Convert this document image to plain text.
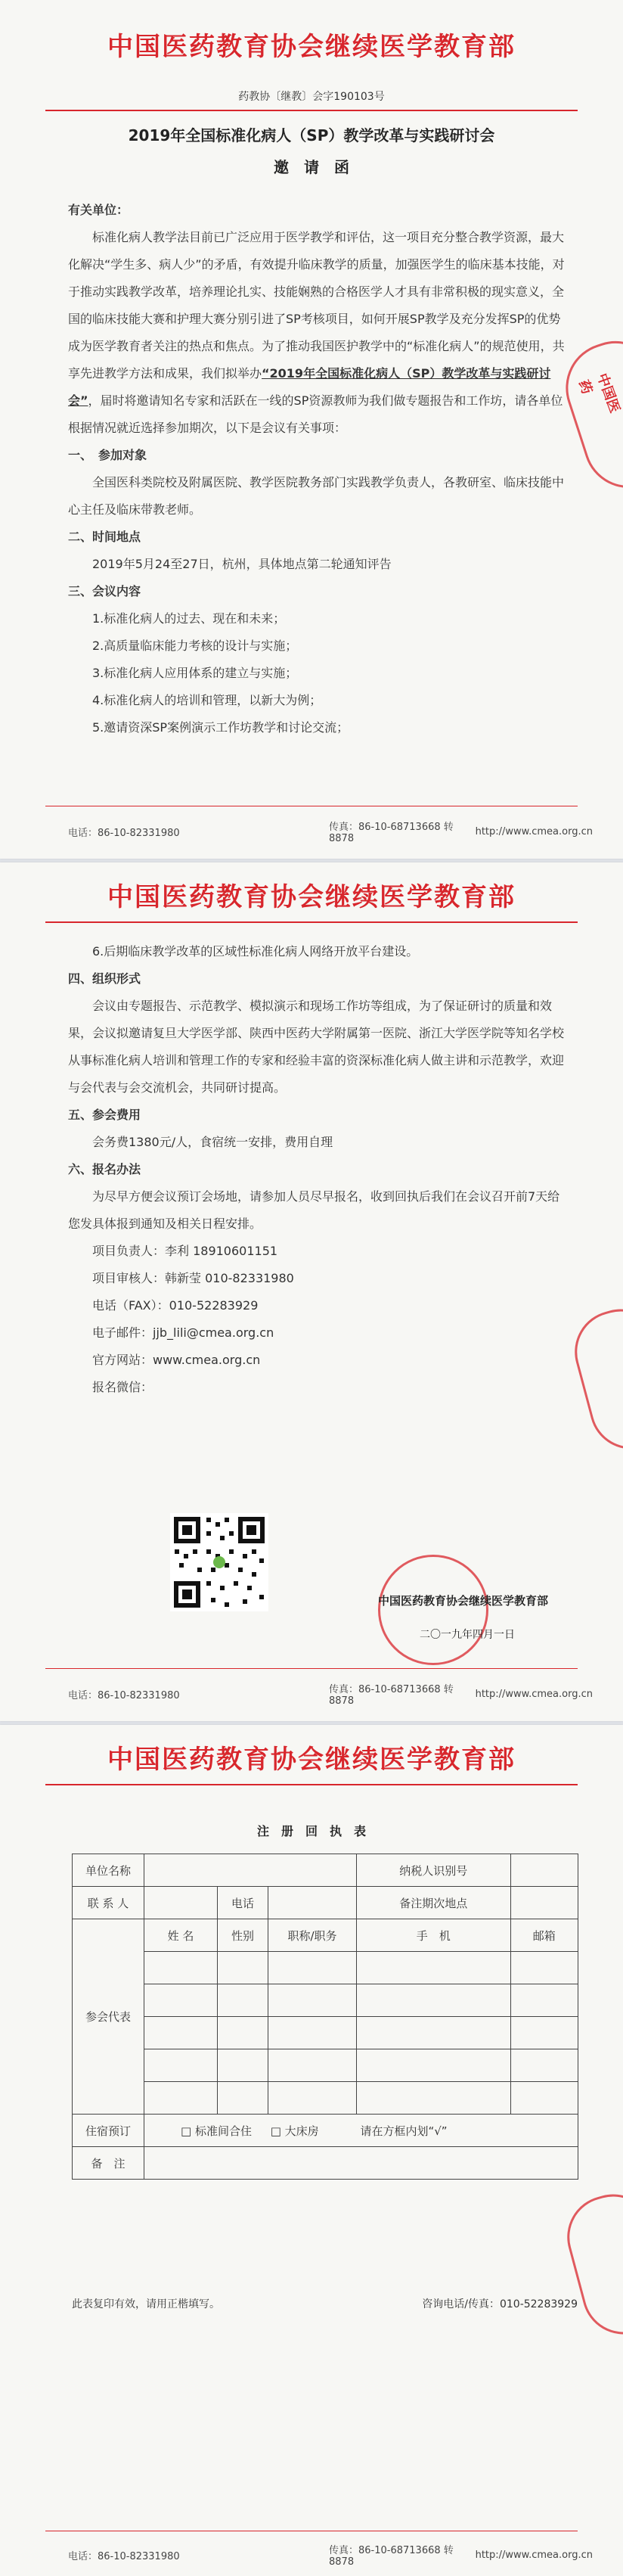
中国医药教育协会继续医学教育部
药教协〔继教〕会字190103号
2019年全国标准化病人（SP）教学改革与实践研讨会
邀　请　函

有关单位：

标准化病人教学法目前已广泛应用于医学教学和评估，这一项目充分整合教学资源，最大化解决“学生多、病人少”的矛盾，有效提升临床教学的质量，加强医学生的临床基本技能，对于推动实践教学改革，培养理论扎实、技能娴熟的合格医学人才具有非常积极的现实意义，全国的临床技能大赛和护理大赛分别引进了SP考核项目，如何开展SP教学及充分发挥SP的优势成为医学教育者关注的热点和焦点。为了推动我国医护教学中的“标准化病人”的规范使用，共享先进教学方法和成果，我们拟举办“2019年全国标准化病人（SP）教学改革与实践研讨会”，届时将邀请知名专家和活跃在一线的SP资源教师为我们做专题报告和工作坊，请各单位根据情况就近选择参加期次，以下是会议有关事项：

一、　参加对象

全国医科类院校及附属医院、教学医院教务部门实践教学负责人，各教研室、临床技能中心主任及临床带教老师。

二、时间地点

2019年5月24至27日，杭州，具体地点第二轮通知评告

三、会议内容

1.标准化病人的过去、现在和未来；

2.高质量临床能力考核的设计与实施；

3.标准化病人应用体系的建立与实施；

4.标准化病人的培训和管理，以新大为例；

5.邀请资深SP案例演示工作坊教学和讨论交流；

中国医药
电话：86-10-82331980	传真：86-10-68713668 转 8878
http://www.cmea.org.cn
中国医药教育协会继续医学教育部

6.后期临床教学改革的区域性标准化病人网络开放平台建设。

四、组织形式

会议由专题报告、示范教学、模拟演示和现场工作坊等组成，为了保证研讨的质量和效果，会议拟邀请复旦大学医学部、陕西中医药大学附属第一医院、浙江大学医学院等知名学校从事标准化病人培训和管理工作的专家和经验丰富的资深标准化病人做主讲和示范教学，欢迎与会代表与会交流机会，共同研讨提高。

五、参会费用

会务费1380元/人，食宿统一安排，费用自理

六、报名办法

为尽早方便会议预订会场地，请参加人员尽早报名，收到回执后我们在会议召开前7天给您发具体报到通知及相关日程安排。

项目负责人：李利 18910601151

项目审核人：韩新莹 010-82331980

电话（FAX）：010-52283929

电子邮件：jjb_lili@cmea.org.cn

官方网站：www.cmea.org.cn

报名微信：

中国医药教育协会继续医学教育部
二〇一九年四月一日
电话：86-10-82331980	传真：86-10-68713668 转 8878
http://www.cmea.org.cn
中国医药教育协会继续医学教育部
注　册　回　执　表
单位名称				纳税人识别号	
联 系 人		电话		备注期次地点	
参会代表	姓 名	性别	职称/职务	手　机	邮箱

住宿预订	□ 标准间合住 □ 大床房 请在方框内划“√”				
备　注					
此表复印有效，请用正楷填写。	咨询电话/传真：010-52283929
电话：86-10-82331980	传真：86-10-68713668 转 8878
http://www.cmea.org.cn
